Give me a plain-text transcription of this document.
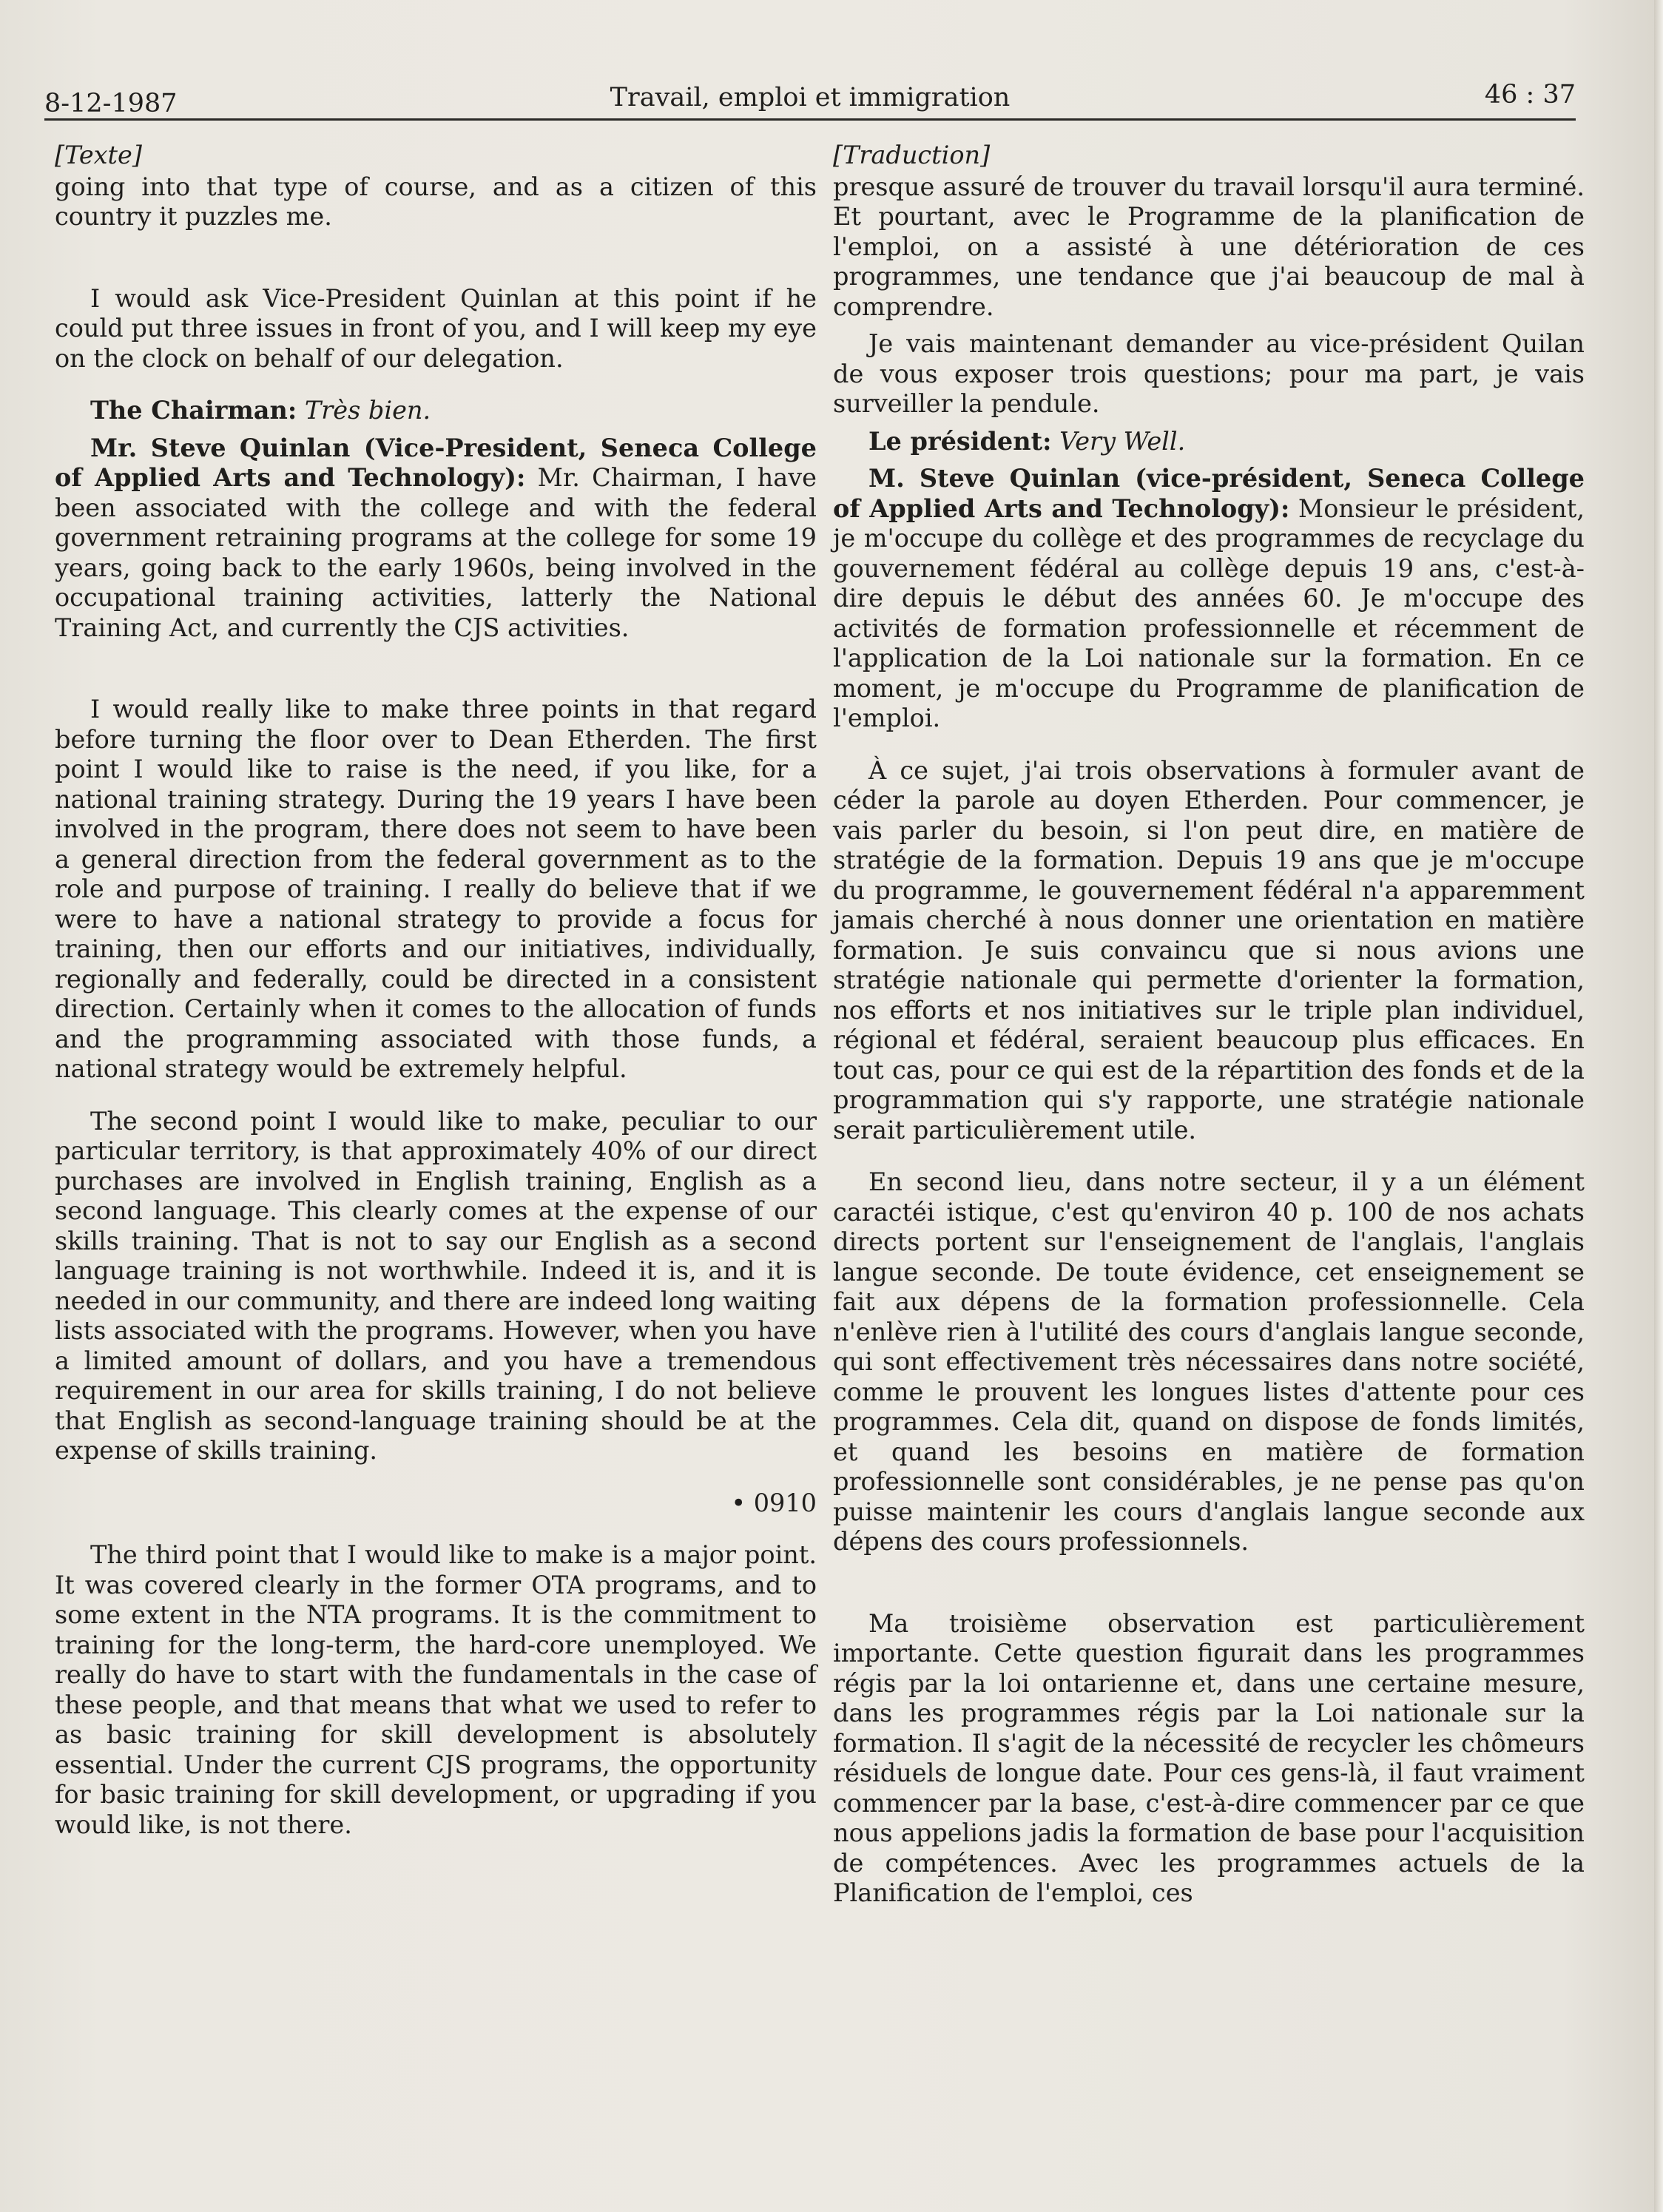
8-12-1987	Travail, emploi et immigration	46 : 37
[Texte]

going into that type of course, and as a citizen of this country it puzzles me.

I would ask Vice-President Quinlan at this point if he could put three issues in front of you, and I will keep my eye on the clock on behalf of our delegation.

The Chairman: Très bien.

Mr. Steve Quinlan (Vice-President, Seneca College of Applied Arts and Technology): Mr. Chairman, I have been associated with the college and with the federal government retraining programs at the college for some 19 years, going back to the early 1960s, being involved in the occupational training activities, latterly the National Training Act, and currently the CJS activities.

I would really like to make three points in that regard before turning the floor over to Dean Etherden. The first point I would like to raise is the need, if you like, for a national training strategy. During the 19 years I have been involved in the program, there does not seem to have been a general direction from the federal government as to the role and purpose of training. I really do believe that if we were to have a national strategy to provide a focus for training, then our efforts and our initiatives, individually, regionally and federally, could be directed in a consistent direction. Certainly when it comes to the allocation of funds and the programming associated with those funds, a national strategy would be extremely helpful.

The second point I would like to make, peculiar to our particular territory, is that approximately 40% of our direct purchases are involved in English training, English as a second language. This clearly comes at the expense of our skills training. That is not to say our English as a second language training is not worthwhile. Indeed it is, and it is needed in our community, and there are indeed long waiting lists associated with the programs. However, when you have a limited amount of dollars, and you have a tremendous requirement in our area for skills training, I do not believe that English as second-language training should be at the expense of skills training.

• 0910

The third point that I would like to make is a major point. It was covered clearly in the former OTA programs, and to some extent in the NTA programs. It is the commitment to training for the long-term, the hard-core unemployed. We really do have to start with the fundamentals in the case of these people, and that means that what we used to refer to as basic training for skill development is absolutely essential. Under the current CJS programs, the opportunity for basic training for skill development, or upgrading if you would like, is not there.

[Traduction]

presque assuré de trouver du travail lorsqu'il aura terminé. Et pourtant, avec le Programme de la planification de l'emploi, on a assisté à une détérioration de ces programmes, une tendance que j'ai beaucoup de mal à comprendre.

Je vais maintenant demander au vice-président Quilan de vous exposer trois questions; pour ma part, je vais surveiller la pendule.

Le président: Very Well.

M. Steve Quinlan (vice-président, Seneca College of Applied Arts and Technology): Monsieur le président, je m'occupe du collège et des programmes de recyclage du gouvernement fédéral au collège depuis 19 ans, c'est-à-dire depuis le début des années 60. Je m'occupe des activités de formation professionnelle et récemment de l'application de la Loi nationale sur la formation. En ce moment, je m'occupe du Programme de planification de l'emploi.

À ce sujet, j'ai trois observations à formuler avant de céder la parole au doyen Etherden. Pour commencer, je vais parler du besoin, si l'on peut dire, en matière de stratégie de la formation. Depuis 19 ans que je m'occupe du programme, le gouvernement fédéral n'a apparemment jamais cherché à nous donner une orientation en matière formation. Je suis convaincu que si nous avions une stratégie nationale qui permette d'orienter la formation, nos efforts et nos initiatives sur le triple plan individuel, régional et fédéral, seraient beaucoup plus efficaces. En tout cas, pour ce qui est de la répartition des fonds et de la programmation qui s'y rapporte, une stratégie nationale serait particulièrement utile.

En second lieu, dans notre secteur, il y a un élément caractéi istique, c'est qu'environ 40 p. 100 de nos achats directs portent sur l'enseignement de l'anglais, l'anglais langue seconde. De toute évidence, cet enseignement se fait aux dépens de la formation professionnelle. Cela n'enlève rien à l'utilité des cours d'anglais langue seconde, qui sont effectivement très nécessaires dans notre société, comme le prouvent les longues listes d'attente pour ces programmes. Cela dit, quand on dispose de fonds limités, et quand les besoins en matière de formation professionnelle sont considérables, je ne pense pas qu'on puisse maintenir les cours d'anglais langue seconde aux dépens des cours professionnels.

Ma troisième observation est particulièrement importante. Cette question figurait dans les programmes régis par la loi ontarienne et, dans une certaine mesure, dans les programmes régis par la Loi nationale sur la formation. Il s'agit de la nécessité de recycler les chômeurs résiduels de longue date. Pour ces gens-là, il faut vraiment commencer par la base, c'est-à-dire commencer par ce que nous appelions jadis la formation de base pour l'acquisition de compétences. Avec les programmes actuels de la Planification de l'emploi, ces
